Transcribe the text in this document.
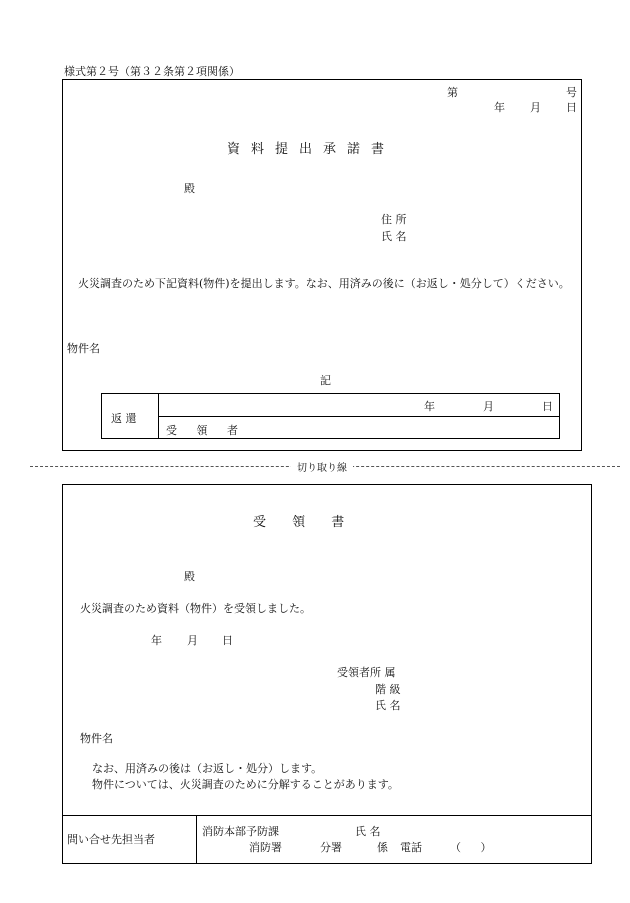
様式第２号（第３２条第２項関係）
第	号
年 月 日
資料提出承諾書
殿
住 所
氏 名
火災調査のため下記資料(物件)を提出します。なお、用済みの後に（お返し・処分して）ください。
物件名
記
返 還
年	月	日
受 領 者
切り取り線
受 領 書
殿
火災調査のため資料（物件）を受領しました。
年 月 日
受領者所 属
階 級
氏 名
物件名
なお、用済みの後は（お返し・処分）します。
物件については、火災調査のために分解することがあります。
問い合せ先担当者
消防本部予防課	氏 名
消防署	分署	係 電話	（ ）
